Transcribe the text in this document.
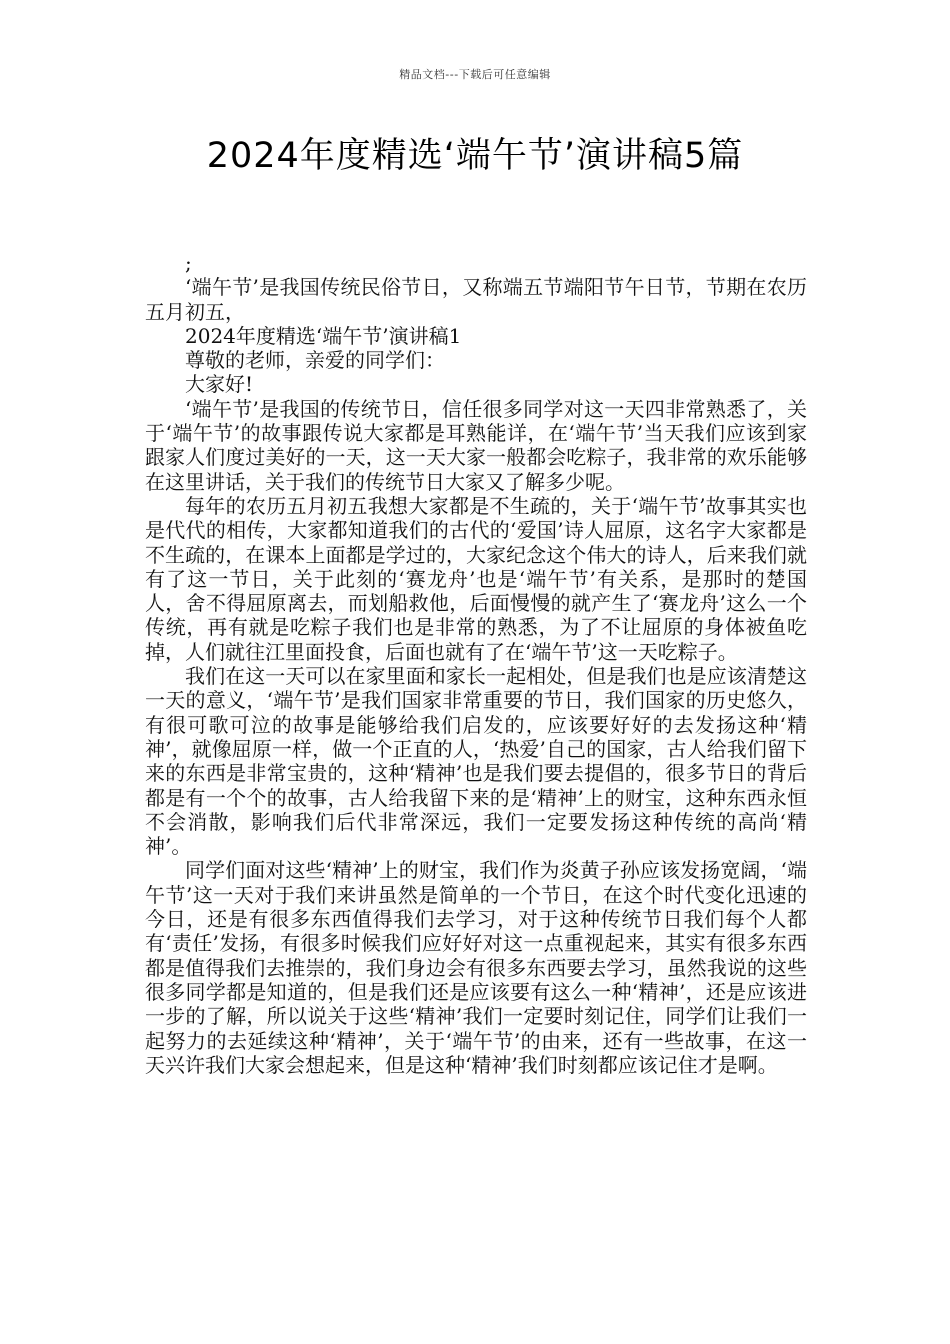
精品文档---下载后可任意编辑
2024年度精选‘端午节’演讲稿5篇

;

‘端午节’是我国传统民俗节日，又称端五节端阳节午日节，节期在农历五月初五，

2024年度精选‘端午节’演讲稿1

尊敬的老师，亲爱的同学们：

大家好!

‘端午节’是我国的传统节日，信任很多同学对这一天四非常熟悉了，关于‘端午节’的故事跟传说大家都是耳熟能详，在‘端午节’当天我们应该到家跟家人们度过美好的一天，这一天大家一般都会吃粽子，我非常的欢乐能够在这里讲话，关于我们的传统节日大家又了解多少呢。

每年的农历五月初五我想大家都是不生疏的，关于‘端午节’故事其实也是代代的相传，大家都知道我们的古代的‘爱国’诗人屈原，这名字大家都是不生疏的，在课本上面都是学过的，大家纪念这个伟大的诗人，后来我们就有了这一节日，关于此刻的‘赛龙舟’也是‘端午节’有关系，是那时的楚国人，舍不得屈原离去，而划船救他，后面慢慢的就产生了‘赛龙舟’这么一个传统，再有就是吃粽子我们也是非常的熟悉，为了不让屈原的身体被鱼吃掉，人们就往江里面投食，后面也就有了在‘端午节’这一天吃粽子。

我们在这一天可以在家里面和家长一起相处，但是我们也是应该清楚这一天的意义，‘端午节’是我们国家非常重要的节日，我们国家的历史悠久，有很可歌可泣的故事是能够给我们启发的，应该要好好的去发扬这种‘精神’，就像屈原一样，做一个正直的人，‘热爱’自己的国家，古人给我们留下来的东西是非常宝贵的，这种‘精神’也是我们要去提倡的，很多节日的背后都是有一个个的故事，古人给我留下来的是‘精神’上的财宝，这种东西永恒不会消散，影响我们后代非常深远，我们一定要发扬这种传统的高尚‘精神’。

同学们面对这些‘精神’上的财宝，我们作为炎黄子孙应该发扬宽阔，‘端午节’这一天对于我们来讲虽然是简单的一个节日，在这个时代变化迅速的今日，还是有很多东西值得我们去学习，对于这种传统节日我们每个人都有‘责任’发扬，有很多时候我们应好好对这一点重视起来，其实有很多东西都是值得我们去推崇的，我们身边会有很多东西要去学习，虽然我说的这些很多同学都是知道的，但是我们还是应该要有这么一种‘精神’，还是应该进一步的了解，所以说关于这些‘精神’我们一定要时刻记住，同学们让我们一起努力的去延续这种‘精神’，关于‘端午节’的由来，还有一些故事，在这一天兴许我们大家会想起来，但是这种‘精神’我们时刻都应该记住才是啊。
